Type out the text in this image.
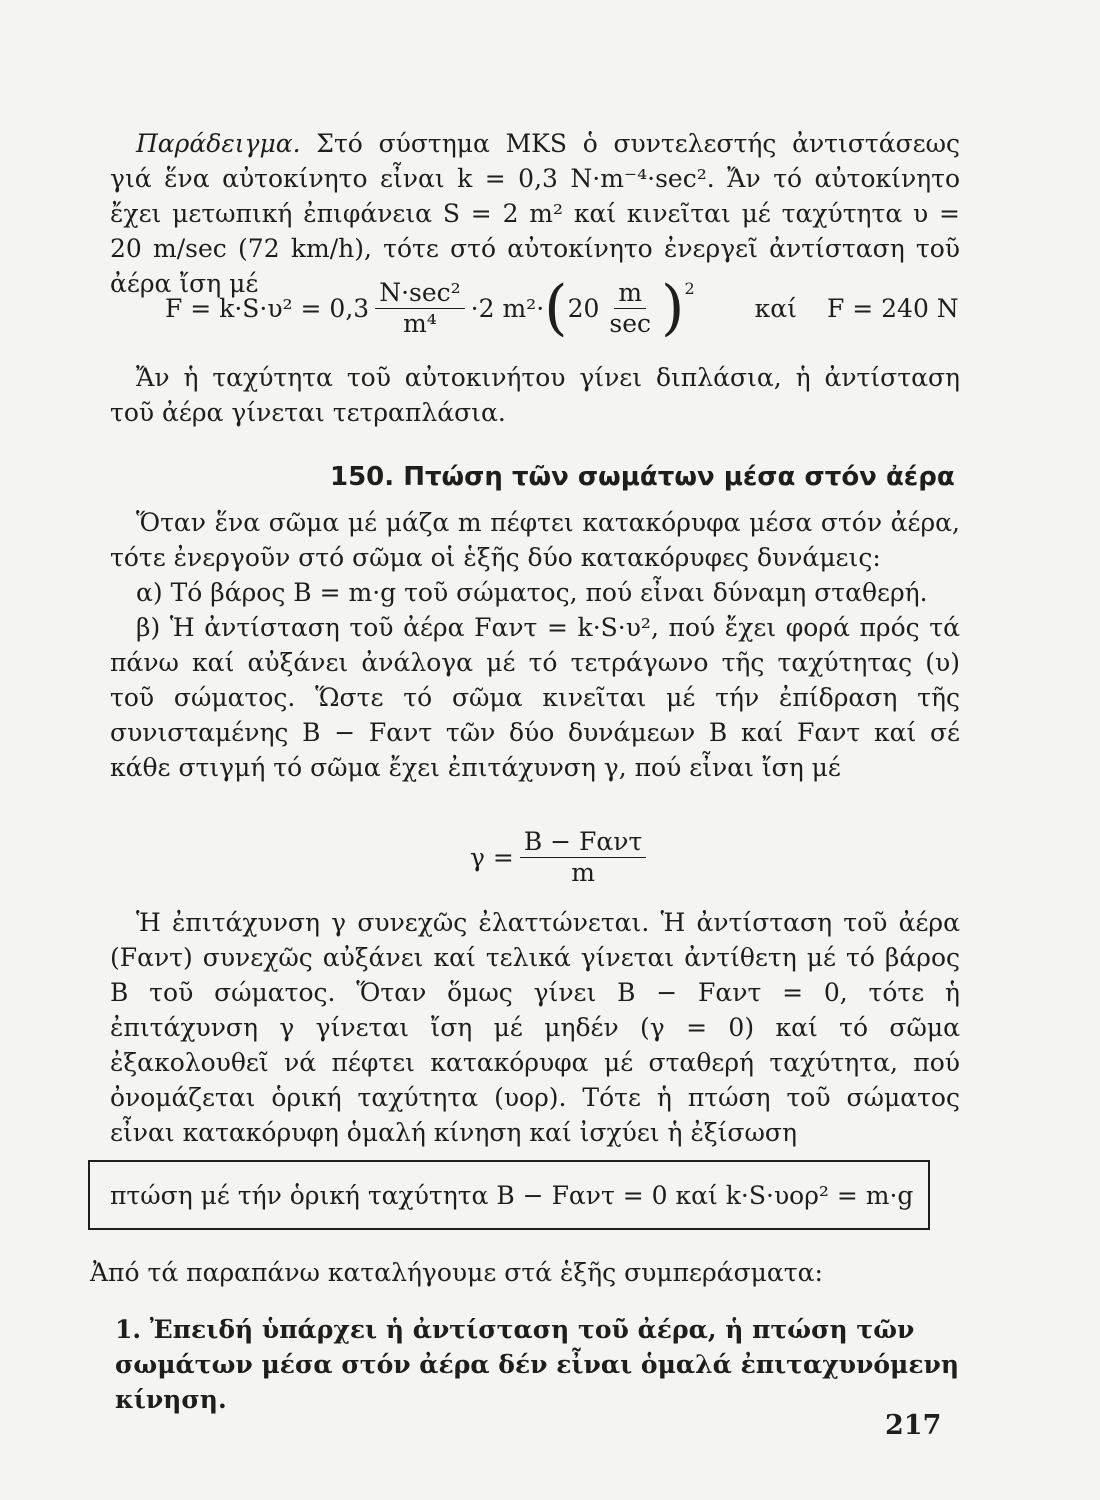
Παράδειγμα. Στό σύστημα MKS ὁ συντελεστής ἀντιστάσεως γιά ἕνα αὐτοκίνητο εἶναι k = 0,3 N·m⁻⁴·sec². Ἄν τό αὐτοκίνητο ἔχει μετωπική ἐπιφάνεια S = 2 m² καί κινεῖται μέ ταχύτητα υ = 20 m/sec (72 km/h), τότε στό αὐτοκίνητο ἐνεργεῖ ἀντίσταση τοῦ ἀέρα ἴση μέ

$F = k\cdot S\cdot\upsilon^2 = 0,3 \frac{\text{N·sec²}}{\text{m⁴}} \cdot 2$ m²· ( $20 \frac{m}{\sec}$ ) 2
καί F = 240 N

Ἄν ἡ ταχύτητα τοῦ αὐτοκινήτου γίνει διπλάσια, ἡ ἀντίσταση τοῦ ἀέρα γίνεται τετραπλάσια.

150. Πτώση τῶν σωμάτων μέσα στόν ἀέρα

Ὅταν ἕνα σῶμα μέ μάζα m πέφτει κατακόρυφα μέσα στόν ἀέρα, τότε ἐνεργοῦν στό σῶμα οἱ ἑξῆς δύο κατακόρυφες δυνάμεις:

α) Τό βάρος B = m·g τοῦ σώματος, πού εἶναι δύναμη σταθερή.

β) Ἡ ἀντίσταση τοῦ ἀέρα Fαντ = k·S·υ², πού ἔχει φορά πρός τά πάνω καί αὐξάνει ἀνάλογα μέ τό τετράγωνο τῆς ταχύτητας (υ) τοῦ σώματος. Ὥστε τό σῶμα κινεῖται μέ τήν ἐπίδραση τῆς συνισταμένης B − Fαντ τῶν δύο δυνάμεων B καί Fαντ καί σέ κάθε στιγμή τό σῶμα ἔχει ἐπιτάχυνση γ, πού εἶναι ἴση μέ

$\gamma = \frac{\text{B − Fαντ}}{m}$

Ἡ ἐπιτάχυνση γ συνεχῶς ἐλαττώνεται. Ἡ ἀντίσταση τοῦ ἀέρα (Fαντ) συνεχῶς αὐξάνει καί τελικά γίνεται ἀντίθετη μέ τό βάρος B τοῦ σώματος. Ὅταν ὅμως γίνει B − Fαντ = 0, τότε ἡ ἐπιτάχυνση γ γίνεται ἴση μέ μηδέν (γ = 0) καί τό σῶμα ἐξακολουθεῖ νά πέφτει κατακόρυφα μέ σταθερή ταχύτητα, πού ὀνομάζεται ὁρική ταχύτητα (υορ). Τότε ἡ πτώση τοῦ σώματος εἶναι κατακόρυφη ὁμαλή κίνηση καί ἰσχύει ἡ ἐξίσωση

πτώση μέ τήν ὁρική ταχύτητα B − Fαντ = 0 καί k·S·υορ² = m·g

Ἀπό τά παραπάνω καταλήγουμε στά ἑξῆς συμπεράσματα:

1. Ἐπειδή ὑπάρχει ἡ ἀντίσταση τοῦ ἀέρα, ἡ πτώση τῶν σωμάτων μέσα στόν ἀέρα δέν εἶναι ὁμαλά ἐπιταχυνόμενη κίνηση.

217
